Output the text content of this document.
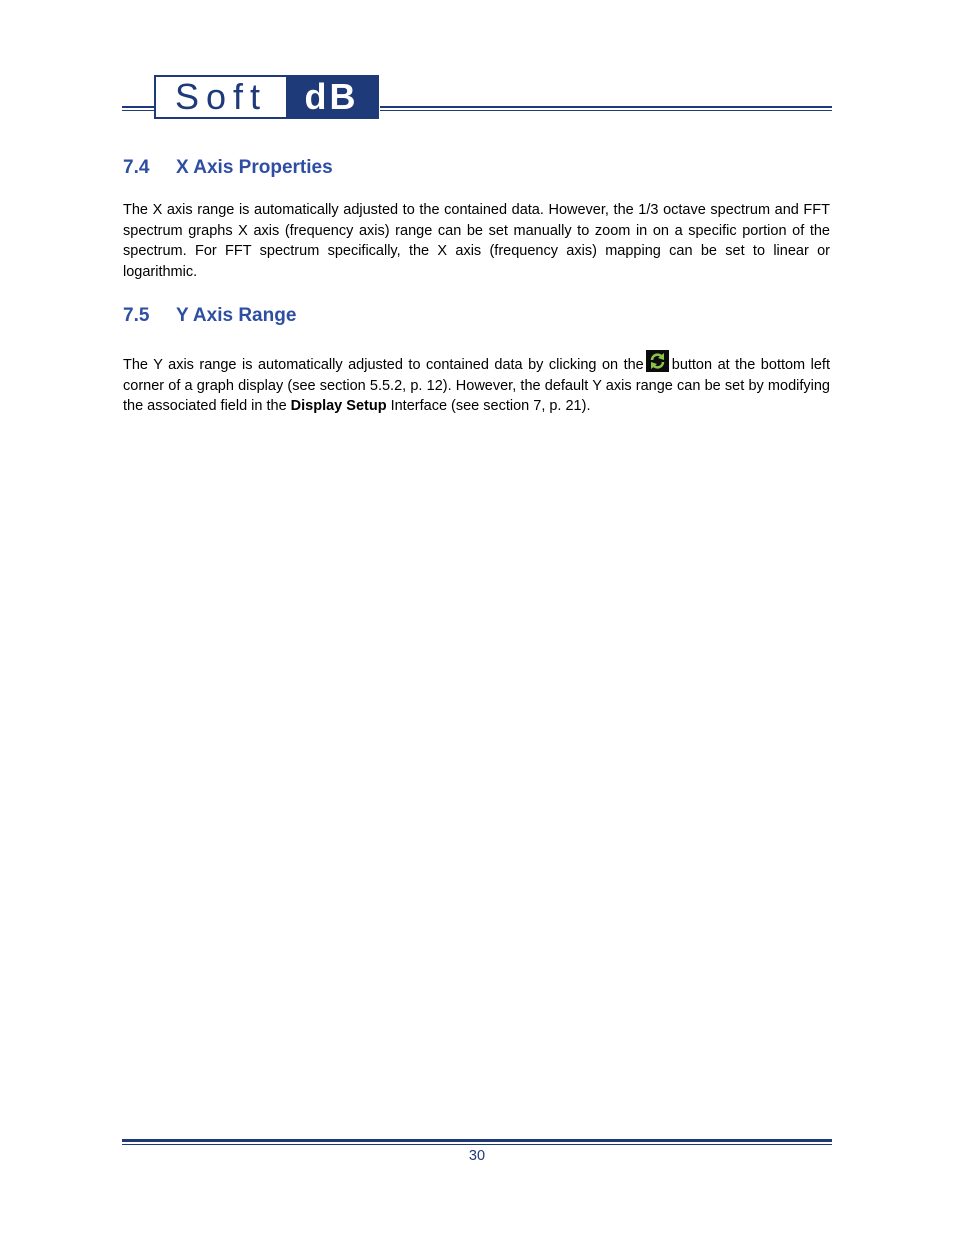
Soft	dB
7.4	X Axis Properties

The X axis range is automatically adjusted to the contained data. However, the 1/3 octave spectrum and FFT spectrum graphs X axis (frequency axis) range can be set manually to zoom in on a specific portion of the spectrum. For FFT spectrum specifically, the X axis (frequency axis) mapping can be set to linear or logarithmic.

7.5	Y Axis Range

The Y axis range is automatically adjusted to contained data by clicking on the button at the bottom left corner of a graph display (see section 5.5.2, p. 12). However, the default Y axis range can be set by modifying the associated field in the Display Setup Interface (see section 7, p. 21).

30
